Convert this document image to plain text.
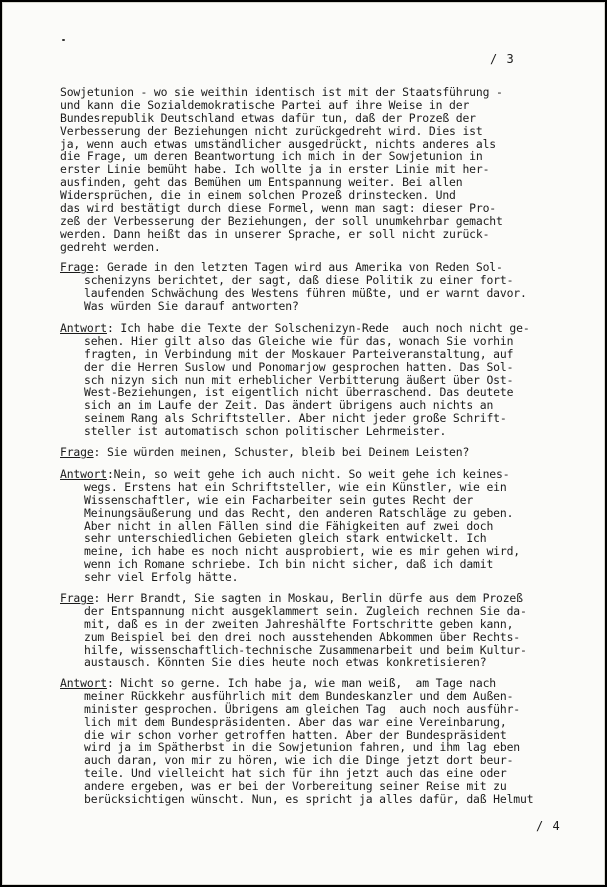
/ 3
Sowjetunion - wo sie weithin identisch ist mit der Staatsführung -
und kann die Sozialdemokratische Partei auf ihre Weise in der
Bundesrepublik Deutschland etwas dafür tun, daß der Prozeß der
Verbesserung der Beziehungen nicht zurückgedreht wird. Dies ist
ja, wenn auch etwas umständlicher ausgedrückt, nichts anderes als
die Frage, um deren Beantwortung ich mich in der Sowjetunion in
erster Linie bemüht habe. Ich wollte ja in erster Linie mit her-
ausfinden, geht das Bemühen um Entspannung weiter. Bei allen
Widersprüchen, die in einem solchen Prozeß drinstecken. Und
das wird bestätigt durch diese Formel, wenn man sagt: dieser Pro-
zeß der Verbesserung der Beziehungen, der soll unumkehrbar gemacht
werden. Dann heißt das in unserer Sprache, er soll nicht zurück-
gedreht werden.
Frage: Gerade in den letzten Tagen wird aus Amerika von Reden Sol-
schenizyns berichtet, der sagt, daß diese Politik zu einer fort-
laufenden Schwächung des Westens führen müßte, und er warnt davor.
Was würden Sie darauf antworten?
Antwort: Ich habe die Texte der Solschenizyn-Rede  auch noch nicht ge-
sehen. Hier gilt also das Gleiche wie für das, wonach Sie vorhin
fragten, in Verbindung mit der Moskauer Parteiveranstaltung, auf
der die Herren Suslow und Ponomarjow gesprochen hatten. Das Sol-
sch nizyn sich nun mit erheblicher Verbitterung äußert über Ost-
West-Beziehungen, ist eigentlich nicht überraschend. Das deutete
sich an im Laufe der Zeit. Das ändert übrigens auch nichts an
seinem Rang als Schriftsteller. Aber nicht jeder große Schrift-
steller ist automatisch schon politischer Lehrmeister.
Frage: Sie würden meinen, Schuster, bleib bei Deinem Leisten?
Antwort:Nein, so weit gehe ich auch nicht. So weit gehe ich keines-
wegs. Erstens hat ein Schriftsteller, wie ein Künstler, wie ein
Wissenschaftler, wie ein Facharbeiter sein gutes Recht der
Meinungsäußerung und das Recht, den anderen Ratschläge zu geben.
Aber nicht in allen Fällen sind die Fähigkeiten auf zwei doch
sehr unterschiedlichen Gebieten gleich stark entwickelt. Ich
meine, ich habe es noch nicht ausprobiert, wie es mir gehen wird,
wenn ich Romane schriebe. Ich bin nicht sicher, daß ich damit
sehr viel Erfolg hätte.
Frage: Herr Brandt, Sie sagten in Moskau, Berlin dürfe aus dem Prozeß
der Entspannung nicht ausgeklammert sein. Zugleich rechnen Sie da-
mit, daß es in der zweiten Jahreshälfte Fortschritte geben kann,
zum Beispiel bei den drei noch ausstehenden Abkommen über Rechts-
hilfe, wissenschaftlich-technische Zusammenarbeit und beim Kultur-
austausch. Könnten Sie dies heute noch etwas konkretisieren?
Antwort: Nicht so gerne. Ich habe ja, wie man weiß,  am Tage nach
meiner Rückkehr ausführlich mit dem Bundeskanzler und dem Außen-
minister gesprochen. Übrigens am gleichen Tag  auch noch ausführ-
lich mit dem Bundespräsidenten. Aber das war eine Vereinbarung,
die wir schon vorher getroffen hatten. Aber der Bundespräsident
wird ja im Spätherbst in die Sowjetunion fahren, und ihm lag eben
auch daran, von mir zu hören, wie ich die Dinge jetzt dort beur-
teile. Und vielleicht hat sich für ihn jetzt auch das eine oder
andere ergeben, was er bei der Vorbereitung seiner Reise mit zu
berücksichtigen wünscht. Nun, es spricht ja alles dafür, daß Helmut
/ 4
